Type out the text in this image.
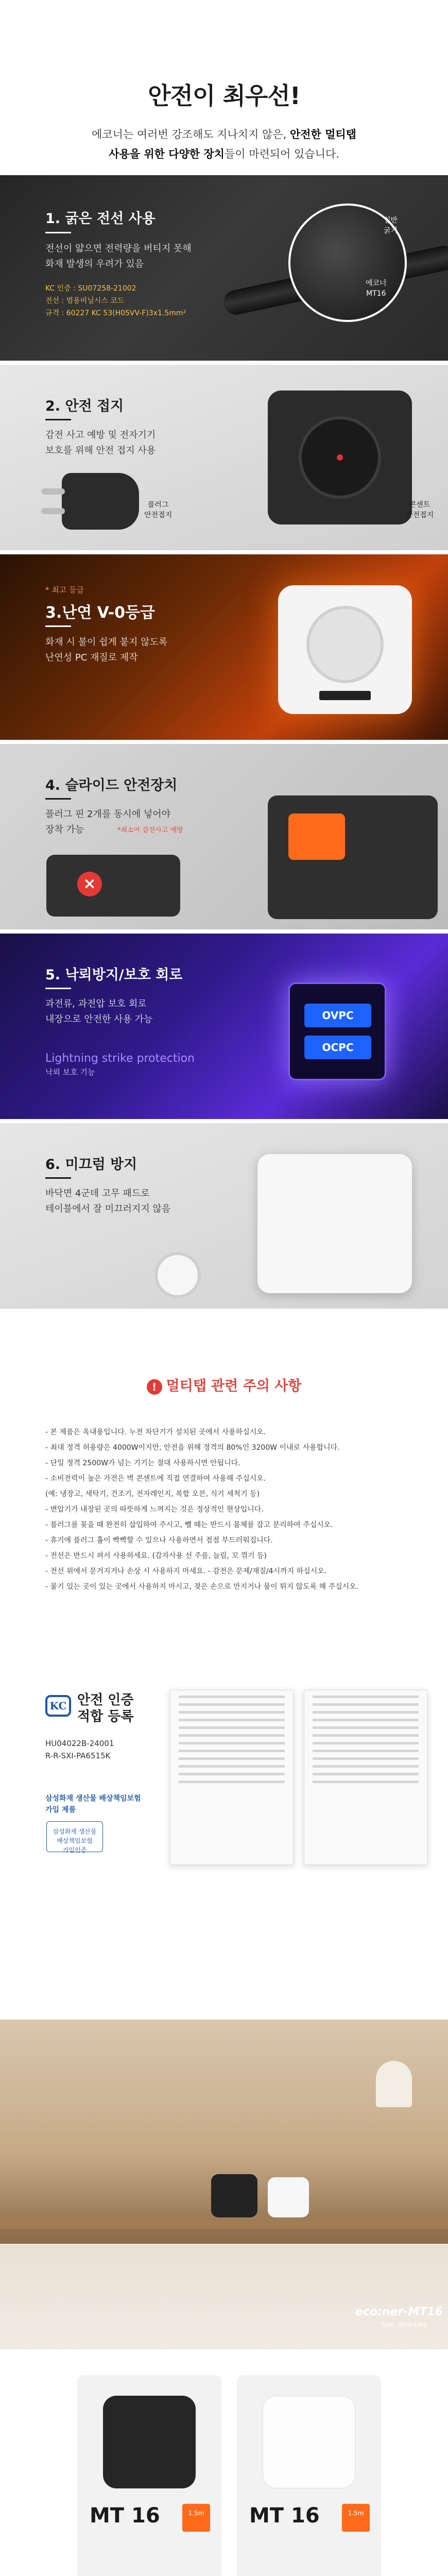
안전이 최우선!

에코너는 여러번 강조해도 지나치지 않은, 안전한 멀티탭
사용을 위한 다양한 장치들이 마련되어 있습니다.

1. 굵은 전선 사용
전선이 얇으면 전력량을 버티지 못해
화재 발생의 우려가 있음
KC 인증 : SU07258-21002
전선 : 범용비닐시스 코드
규격 : 60227 KC 53(H05VV-F)3x1.5mm²
일반
굵기
에코너
MT16
2. 안전 접지
감전 사고 예방 및 전자기기
보호를 위해 안전 접지 사용
플러그
안전접지
콘센트
안전접지
* 최고 등급
3.난연 V-0등급
화재 시 불이 쉽게 붙지 않도록
난연성 PC 재질로 제작
4. 슬라이드 안전장치
플러그 핀 2개를 동시에 넣어야
장착 가능	*최소아 감전사고 예방
×
5. 낙뢰방지/보호 회로
과전류, 과전압 보호 회로
내장으로 안전한 사용 가능
Lightning strike protection
낙뢰 보호 기능
OVPC
OCPC
6. 미끄럼 방지
바닥면 4군데 고무 패드로
테이블에서 잘 미끄러지지 않음
! 멀티탭 관련 주의 사항
- 본 제품은 옥내용입니다. 누전 차단기가 설치된 곳에서 사용하십시오.
- 최대 정격 허용량은 4000W이지만, 안전을 위해 정격의 80%인 3200W 이내로 사용합니다.
- 단일 정격 2500W가 넘는 기기는 절대 사용하시면 안됩니다.
- 소비전력이 높은 가전은 벽 콘센트에 직접 연결하여 사용해 주십시오.
(예: 냉장고, 세탁기, 건조기, 전자레인지, 복합 오븐, 식기 세척기 등)
- 변압기가 내장된 곳의 따뜻하게 느껴지는 것은 정상적인 현상입니다.
- 플러그를 꽂을 때 완전히 삽입하여 주시고, 뺄 때는 반드시 몸체를 잡고 분리하여 주십시오.
- 휴기에 플러그 홀이 빡빡할 수 있으나 사용하면서 점점 부드러워집니다.
- 전선은 반드시 펴서 사용하세요. (감자사용 선 주름, 늘림, 꼬 꺾기 등)
- 전선 위에서 문거지거나 손상 시 사용하지 마세요. - 감전은 문제/재질/4시까지 하십시오.
- 물기 있는 곳이 있는 곳에서 사용하지 마시고, 젖은 손으로 만지거나 물이 튀지 않도록 해 주십시오.
KC 안전 인증
적합 등록
HU04022B-24001
R-R-SXI-PA6515K
삼성화재 생산물 배상책임보험
가입 제품
삼성화재 생산물
배상책임보험
가입인증
eco:ner-MT16
Type: Wire Line
MT 16	1.5m MT 16	1.5m
